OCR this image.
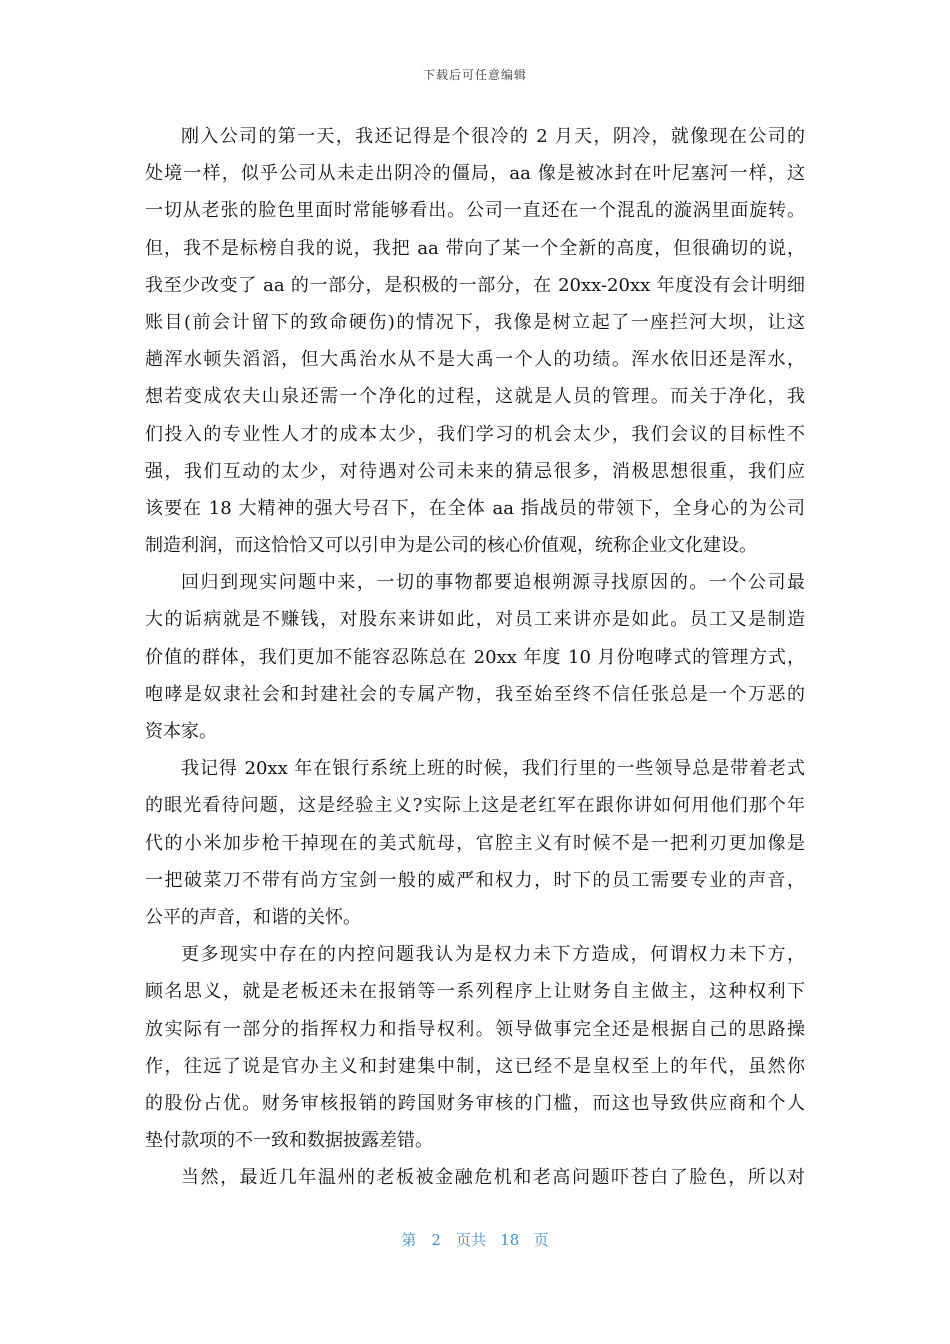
下载后可任意编辑
刚入公司的第一天，我还记得是个很冷的 2 月天，阴冷，就像现在公司的
处境一样，似乎公司从未走出阴冷的僵局，aa 像是被冰封在叶尼塞河一样，这
一切从老张的脸色里面时常能够看出。公司一直还在一个混乱的漩涡里面旋转。
但，我不是标榜自我的说，我把 aa 带向了某一个全新的高度，但很确切的说，
我至少改变了 aa 的一部分，是积极的一部分，在 20xx-20xx 年度没有会计明细
账目(前会计留下的致命硬伤)的情况下，我像是树立起了一座拦河大坝，让这
趟浑水顿失滔滔，但大禹治水从不是大禹一个人的功绩。浑水依旧还是浑水，
想若变成农夫山泉还需一个净化的过程，这就是人员的管理。而关于净化，我
们投入的专业性人才的成本太少，我们学习的机会太少，我们会议的目标性不
强，我们互动的太少，对待遇对公司未来的猜忌很多，消极思想很重，我们应
该要在 18 大精神的强大号召下，在全体 aa 指战员的带领下，全身心的为公司
制造利润，而这恰恰又可以引申为是公司的核心价值观，统称企业文化建设。
回归到现实问题中来，一切的事物都要追根朔源寻找原因的。一个公司最
大的诟病就是不赚钱，对股东来讲如此，对员工来讲亦是如此。员工又是制造
价值的群体，我们更加不能容忍陈总在 20xx 年度 10 月份咆哮式的管理方式，
咆哮是奴隶社会和封建社会的专属产物，我至始至终不信任张总是一个万恶的
资本家。
我记得 20xx 年在银行系统上班的时候，我们行里的一些领导总是带着老式
的眼光看待问题，这是经验主义?实际上这是老红军在跟你讲如何用他们那个年
代的小米加步枪干掉现在的美式航母，官腔主义有时候不是一把利刃更加像是
一把破菜刀不带有尚方宝剑一般的威严和权力，时下的员工需要专业的声音，
公平的声音，和谐的关怀。
更多现实中存在的内控问题我认为是权力未下方造成，何谓权力未下方，
顾名思义，就是老板还未在报销等一系列程序上让财务自主做主，这种权利下
放实际有一部分的指挥权力和指导权利。领导做事完全还是根据自己的思路操
作，往远了说是官办主义和封建集中制，这已经不是皇权至上的年代，虽然你
的股份占优。财务审核报销的跨国财务审核的门槛，而这也导致供应商和个人
垫付款项的不一致和数据披露差错。
当然，最近几年温州的老板被金融危机和老高问题吓苍白了脸色，所以对
第 2 页共 18 页
